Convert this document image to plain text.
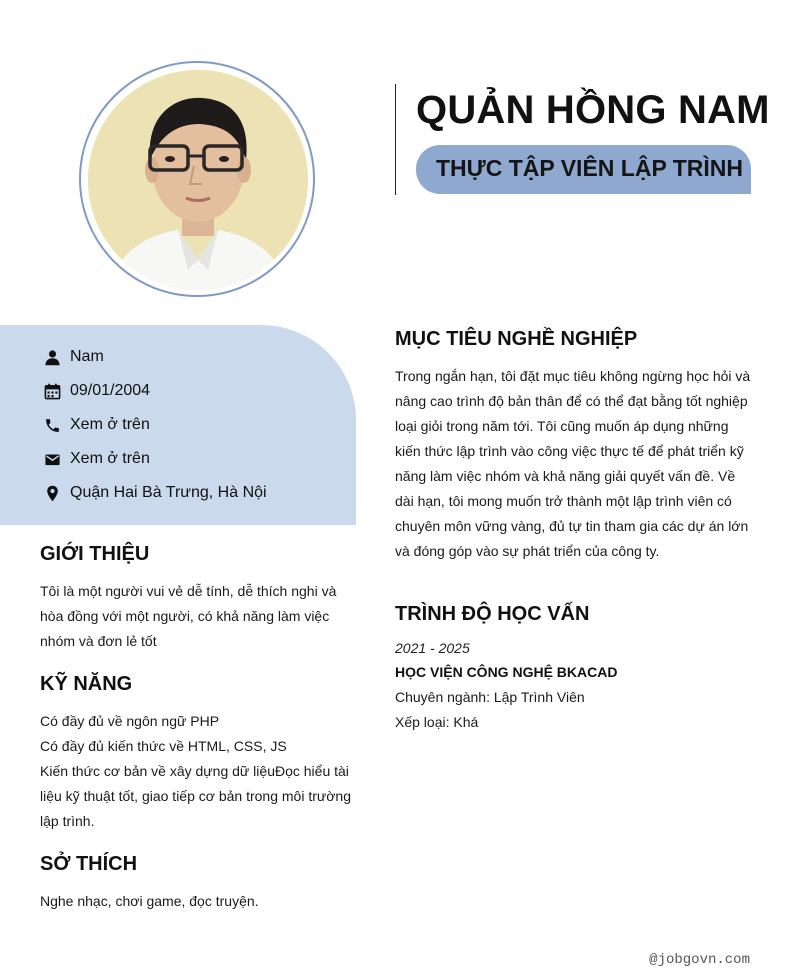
QUẢN HỒNG NAM
THỰC TẬP VIÊN LẬP TRÌNH
Nam
09/01/2004
Xem ở trên
Xem ở trên
Quận Hai Bà Trưng, Hà Nội
GIỚI THIỆU

Tôi là một người vui vẻ dễ tính, dễ thích nghi và hòa đồng với một người, có khả năng làm việc nhóm và đơn lẻ tốt

KỸ NĂNG
Có đầy đủ về ngôn ngữ PHP
Có đầy đủ kiến thức về HTML, CSS, JS
Kiến thức cơ bản về xây dựng dữ liệuĐọc hiểu tài liệu kỹ thuật tốt, giao tiếp cơ bản trong môi trường lập trình.
SỞ THÍCH

Nghe nhạc, chơi game, đọc truyện.

MỤC TIÊU NGHỀ NGHIỆP

Trong ngắn hạn, tôi đặt mục tiêu không ngừng học hỏi và nâng cao trình độ bản thân để có thể đạt bằng tốt nghiệp loại giỏi trong năm tới. Tôi cũng muốn áp dụng những kiến thức lập trình vào công việc thực tế để phát triển kỹ năng làm việc nhóm và khả năng giải quyết vấn đề. Về dài hạn, tôi mong muốn trở thành một lập trình viên có chuyên môn vững vàng, đủ tự tin tham gia các dự án lớn và đóng góp vào sự phát triển của công ty.

TRÌNH ĐỘ HỌC VẤN
2021 - 2025
HỌC VIỆN CÔNG NGHỆ BKACAD
Chuyên ngành: Lập Trình Viên
Xếp loại: Khá
@jobgovn.com
